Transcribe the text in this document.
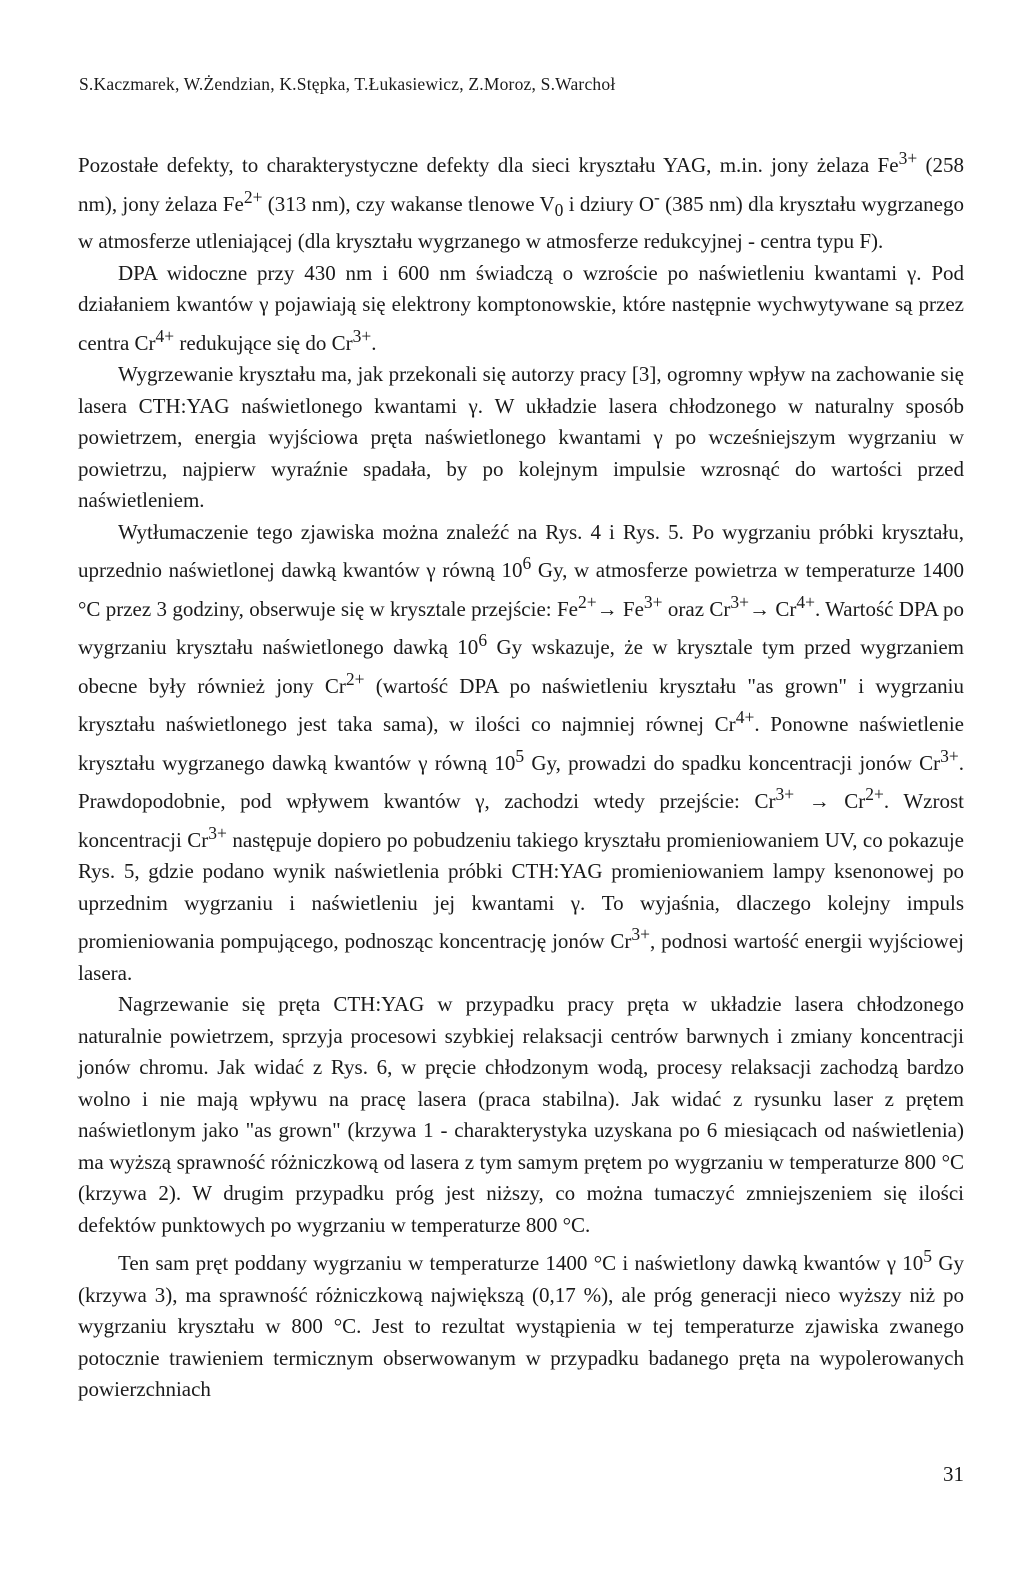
S.Kaczmarek, W.Żendzian, K.Stępka, T.Łukasiewicz, Z.Moroz, S.Warchoł

Pozostałe defekty, to charakterystyczne defekty dla sieci kryształu YAG, m.in. jony żelaza $Fe^{3+}$ (258 nm), jony żelaza $Fe^{2+}$ (313 nm), czy wakanse tlenowe $V_0$ i dziury O- (385 nm) dla kryształu wygrzanego w atmosferze utleniającej (dla kryształu wygrzanego w atmosferze redukcyjnej - centra typu F).

DPA widoczne przy 430 nm i 600 nm świadczą o wzroście po naświetleniu kwantami γ. Pod działaniem kwantów γ pojawiają się elektrony komptonowskie, które następnie wychwytywane są przez centra $Cr^{4+}$ redukujące się do $Cr^{3+}$.

Wygrzewanie kryształu ma, jak przekonali się autorzy pracy [3], ogromny wpływ na zachowanie się lasera CTH:YAG naświetlonego kwantami γ. W układzie lasera chłodzonego w naturalny sposób powietrzem, energia wyjściowa pręta naświetlonego kwantami γ po wcześniejszym wygrzaniu w powietrzu, najpierw wyraźnie spadała, by po kolejnym impulsie wzrosnąć do wartości przed naświetleniem.

Wytłumaczenie tego zjawiska można znaleźć na Rys. 4 i Rys. 5. Po wygrzaniu próbki kryształu, uprzednio naświetlonej dawką kwantów γ równą $10^6$ Gy, w atmosferze powietrza w temperaturze 1400 °C przez 3 godziny, obserwuje się w krysztale przejście: $Fe^{2+}\to Fe^{3+}$ oraz $Cr^{3+}\to Cr^{4+}$. Wartość DPA po wygrzaniu kryształu naświetlonego dawką $10^6$ Gy wskazuje, że w krysztale tym przed wygrzaniem obecne były również jony $Cr^{2+}$ (wartość DPA po naświetleniu kryształu "as grown" i wygrzaniu kryształu naświetlonego jest taka sama), w ilości co najmniej równej $Cr^{4+}$. Ponowne naświetlenie kryształu wygrzanego dawką kwantów γ równą $10^5$ Gy, prowadzi do spadku koncentracji jonów $Cr^{3+}$. Prawdopodobnie, pod wpływem kwantów γ, zachodzi wtedy przejście: $Cr^{3+} \to Cr^{2+}$. Wzrost koncentracji $Cr^{3+}$ następuje dopiero po pobudzeniu takiego kryształu promieniowaniem UV, co pokazuje Rys. 5, gdzie podano wynik naświetlenia próbki CTH:YAG promieniowaniem lampy ksenonowej po uprzednim wygrzaniu i naświetleniu jej kwantami γ. To wyjaśnia, dlaczego kolejny impuls promieniowania pompującego, podnosząc koncentrację jonów $Cr^{3+}$, podnosi wartość energii wyjściowej lasera.

Nagrzewanie się pręta CTH:YAG w przypadku pracy pręta w układzie lasera chłodzonego naturalnie powietrzem, sprzyja procesowi szybkiej relaksacji centrów barwnych i zmiany koncentracji jonów chromu. Jak widać z Rys. 6, w pręcie chłodzonym wodą, procesy relaksacji zachodzą bardzo wolno i nie mają wpływu na pracę lasera (praca stabilna). Jak widać z rysunku laser z prętem naświetlonym jako "as grown" (krzywa 1 - charakterystyka uzyskana po 6 miesiącach od naświetlenia) ma wyższą sprawność różniczkową od lasera z tym samym prętem po wygrzaniu w temperaturze 800 °C (krzywa 2). W drugim przypadku próg jest niższy, co można tumaczyć zmniejszeniem się ilości defektów punktowych po wygrzaniu w temperaturze 800 °C.

Ten sam pręt poddany wygrzaniu w temperaturze 1400 °C i naświetlony dawką kwantów γ $10^5$ Gy (krzywa 3), ma sprawność różniczkową największą (0,17 %), ale próg generacji nieco wyższy niż po wygrzaniu kryształu w 800 °C. Jest to rezultat wystąpienia w tej temperaturze zjawiska zwanego potocznie trawieniem termicznym obserwowanym w przypadku badanego pręta na wypolerowanych powierzchniach

31
